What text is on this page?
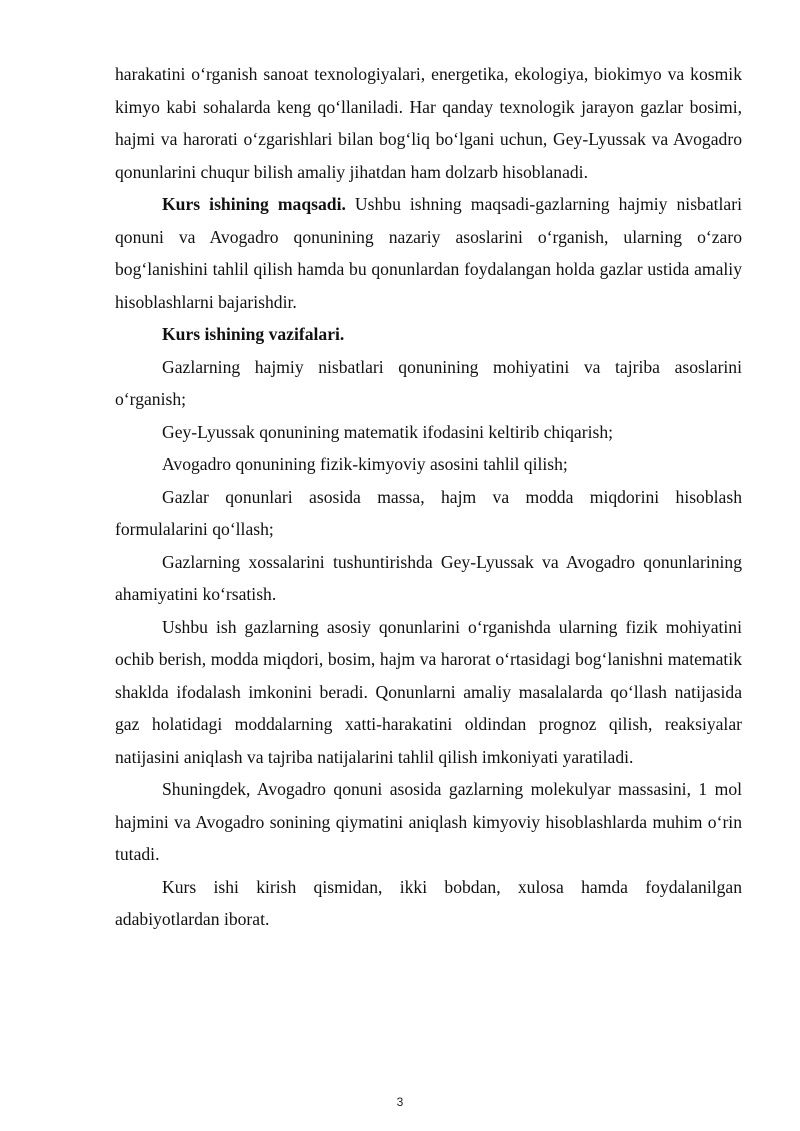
harakatini o‘rganish sanoat texnologiyalari, energetika, ekologiya, biokimyo va kosmik kimyo kabi sohalarda keng qo‘llaniladi. Har qanday texnologik jarayon gazlar bosimi, hajmi va harorati o‘zgarishlari bilan bog‘liq bo‘lgani uchun, Gey-Lyussak va Avogadro qonunlarini chuqur bilish amaliy jihatdan ham dolzarb hisoblanadi.

Kurs ishining maqsadi. Ushbu ishning maqsadi-gazlarning hajmiy nisbatlari qonuni va Avogadro qonunining nazariy asoslarini o‘rganish, ularning o‘zaro bog‘lanishini tahlil qilish hamda bu qonunlardan foydalangan holda gazlar ustida amaliy hisoblashlarni bajarishdir.

Kurs ishining vazifalari.

Gazlarning hajmiy nisbatlari qonunining mohiyatini va tajriba asoslarini o‘rganish;

Gey-Lyussak qonunining matematik ifodasini keltirib chiqarish;

Avogadro qonunining fizik-kimyoviy asosini tahlil qilish;

Gazlar qonunlari asosida massa, hajm va modda miqdorini hisoblash formulalarini qo‘llash;

Gazlarning xossalarini tushuntirishda Gey-Lyussak va Avogadro qonunlarining ahamiyatini ko‘rsatish.

Ushbu ish gazlarning asosiy qonunlarini o‘rganishda ularning fizik mohiyatini ochib berish, modda miqdori, bosim, hajm va harorat o‘rtasidagi bog‘lanishni matematik shaklda ifodalash imkonini beradi. Qonunlarni amaliy masalalarda qo‘llash natijasida gaz holatidagi moddalarning xatti-harakatini oldindan prognoz qilish, reaksiyalar natijasini aniqlash va tajriba natijalarini tahlil qilish imkoniyati yaratiladi.

Shuningdek, Avogadro qonuni asosida gazlarning molekulyar massasini, 1 mol hajmini va Avogadro sonining qiymatini aniqlash kimyoviy hisoblashlarda muhim o‘rin tutadi.

Kurs ishi kirish qismidan, ikki bobdan, xulosa hamda foydalanilgan adabiyotlardan iborat.

3
